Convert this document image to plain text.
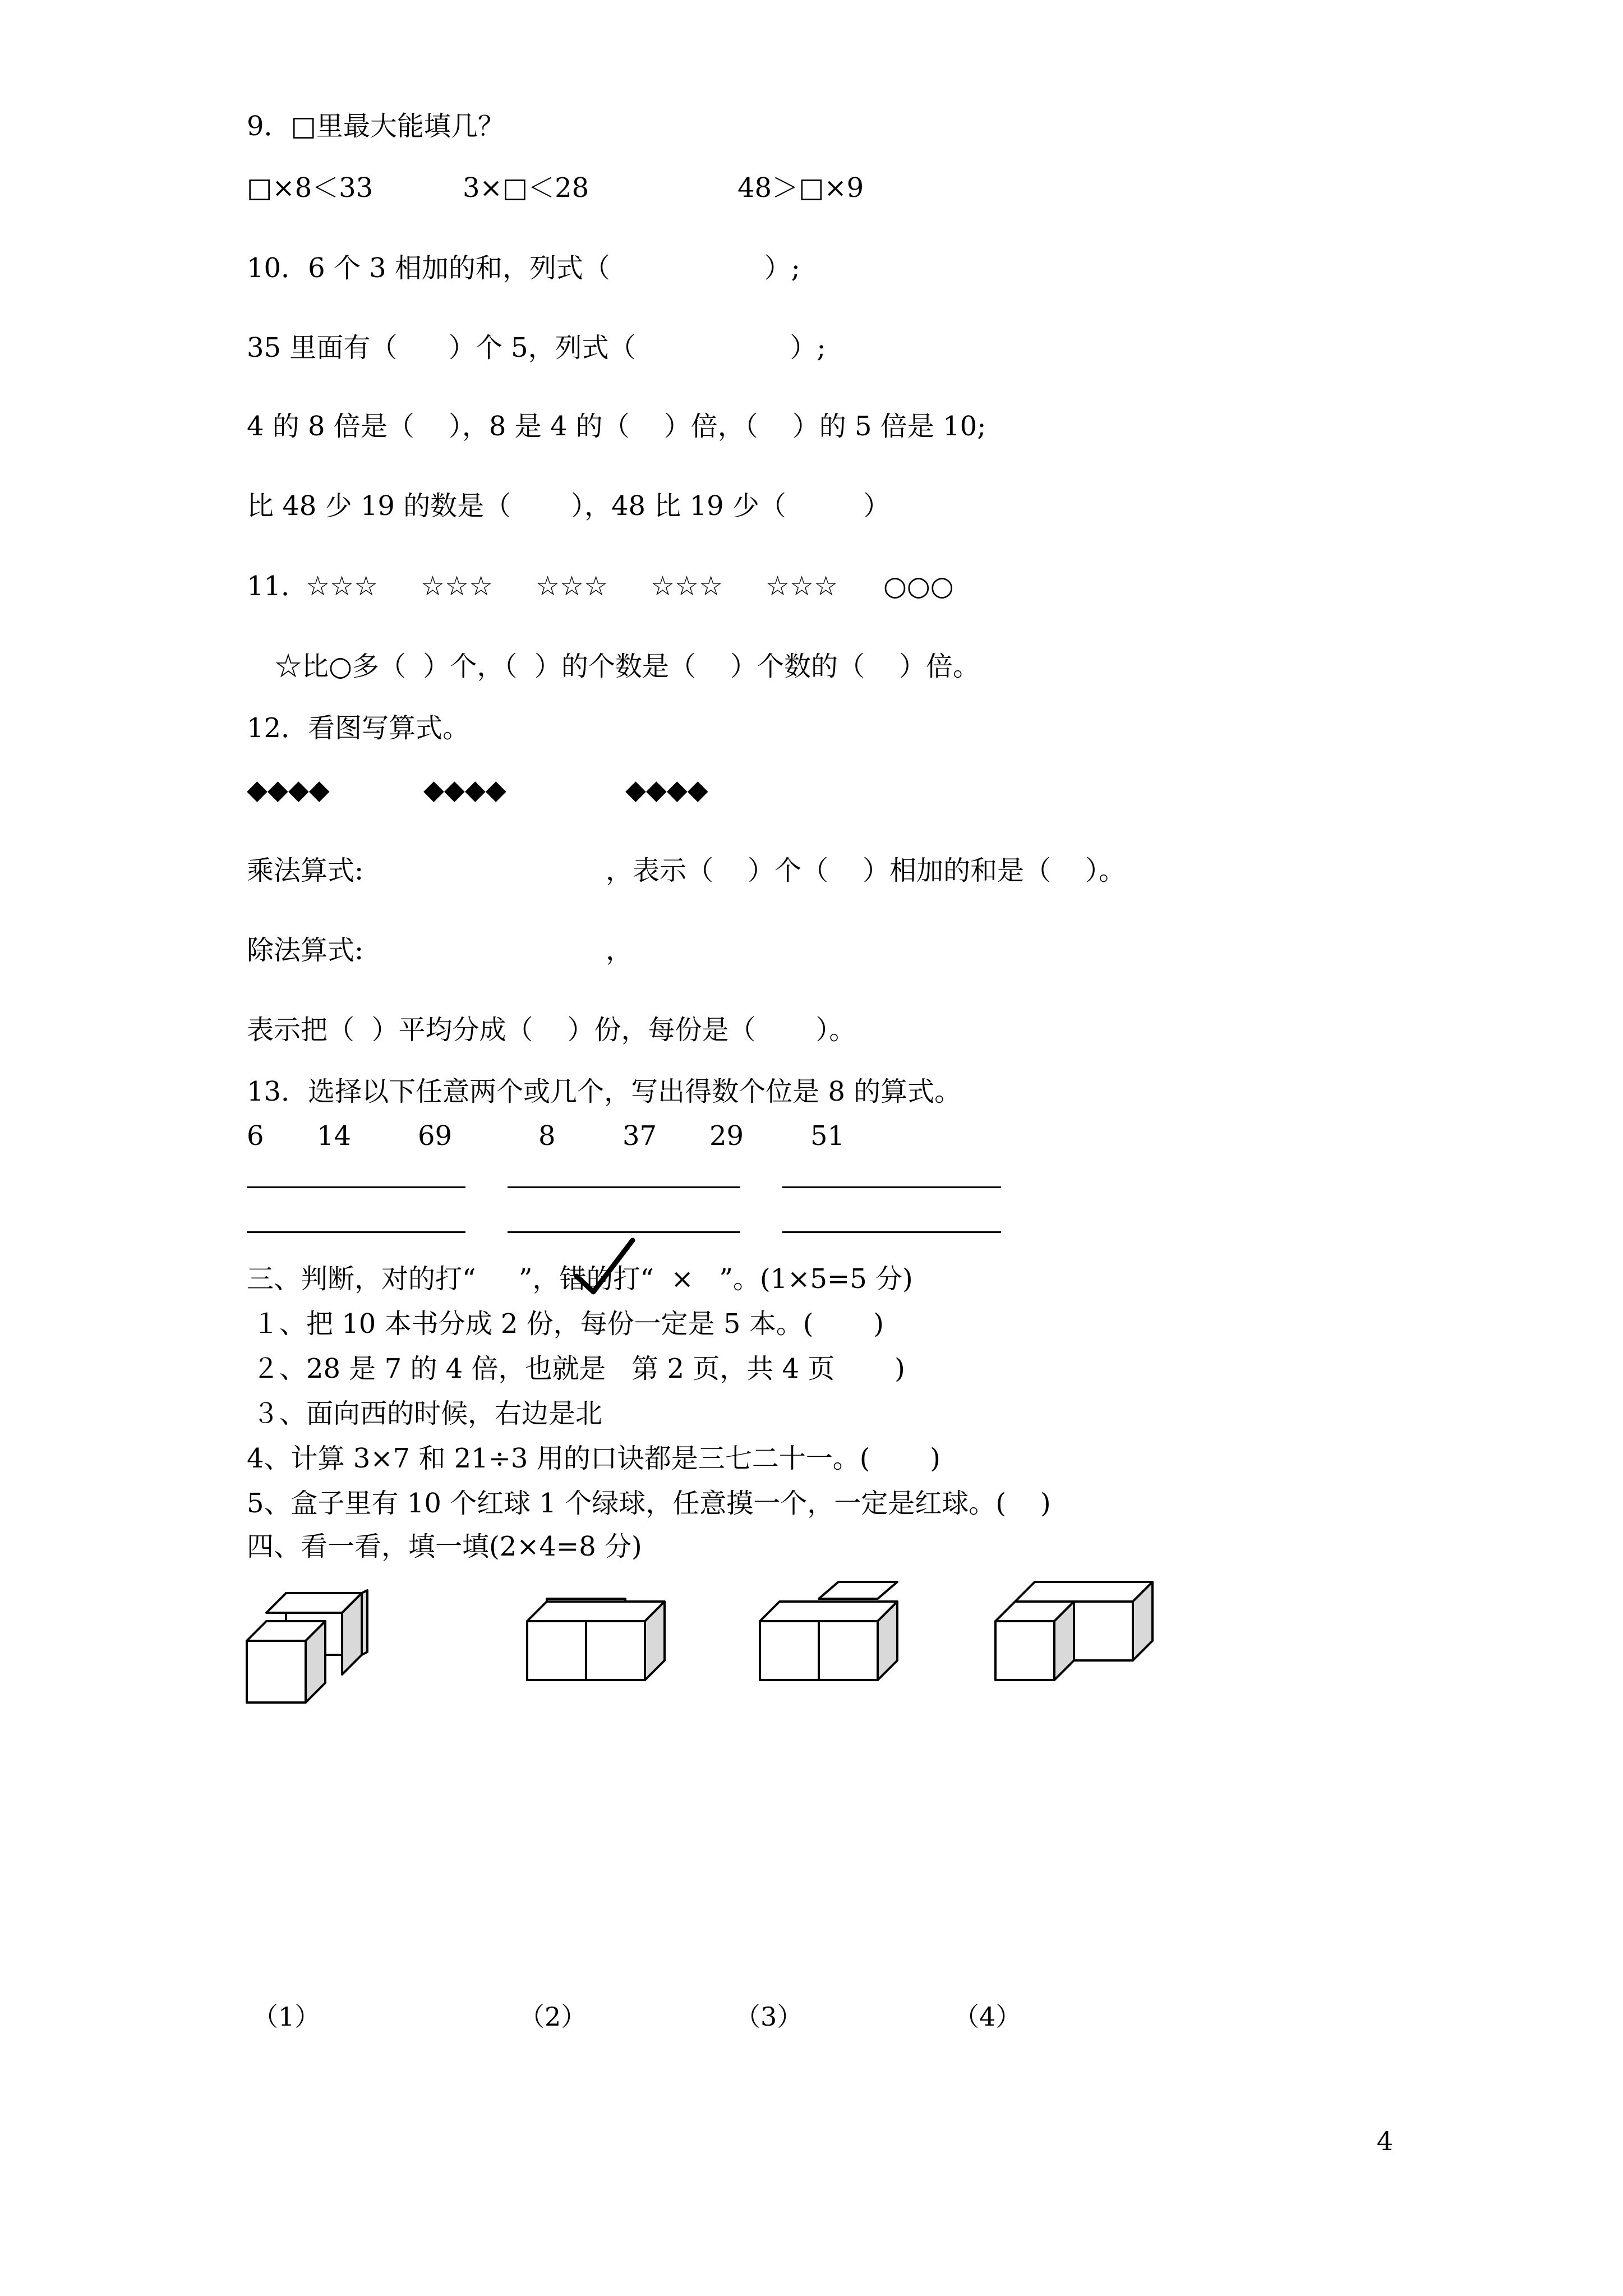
9．□里最大能填几？
□×8＜33	3×□＜28	48＞□×9
10．6 个 3 相加的和，列式（                  ）;
35 里面有（      ）个 5，列式（                  ）;
4 的 8 倍是（    ），8 是 4 的（    ）倍，（    ）的 5 倍是 10;
比 48 少 19 的数是（       ），48 比 19 少（         ）
11．
☆☆☆ ☆☆☆ ☆☆☆ ☆☆☆ ☆☆☆ ○○○
☆比○多（  ）个，（  ）的个数是（    ）个数的（    ）倍。
12．看图写算式。
◆◆◆◆	◆◆◆◆	◆◆◆◆
乘法算式:	，表示（    ）个（    ）相加的和是（    ）。
除法算式:	，
表示把（  ）平均分成（    ）份，每份是（       ）。
13．选择以下任意两个或几个，写出得数个位是 8 的算式。
6 14 69	8 37 29 51
三、判断，对的打“     ”，错的打“  ×   ”。(1×5=5 分)
１、把 10 本书分成 2 份，每份一定是 5 本。(       )
２、28 是 7 的 4 倍，也就是   第 2 页，共 4 页       )
３、面向西的时候，右边是北
4、计算 3×7 和 21÷3 用的口诀都是三七二十一。(       )
5、盒子里有 10 个红球 1 个绿球，任意摸一个，一定是红球。(    )
四、看一看，填一填(2×4=8 分)
（1）	（2）	（3）	（4）
4
